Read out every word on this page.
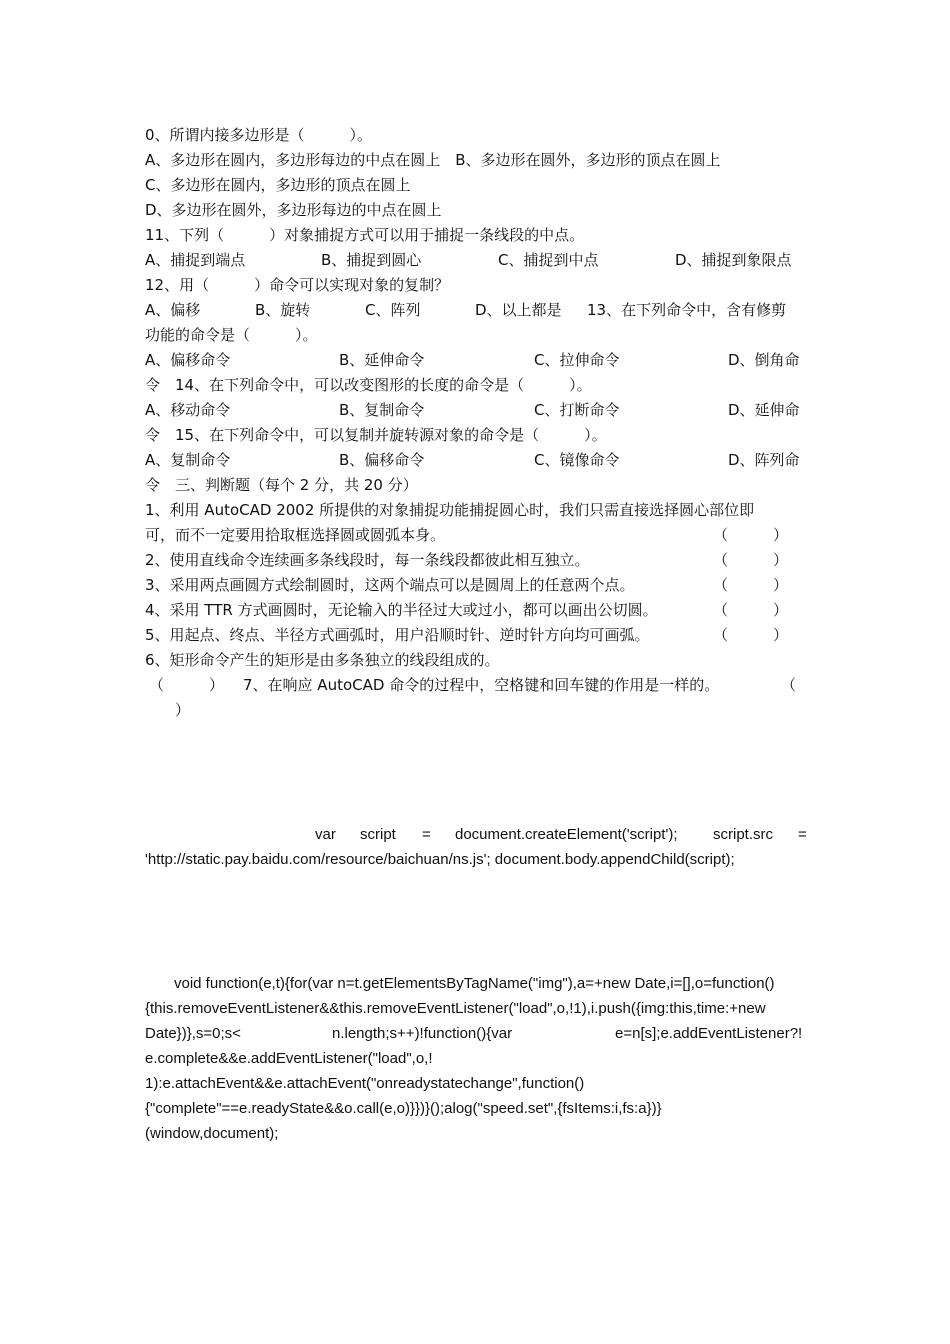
0、所谓内接多边形是（　　　）。
A、多边形在圆内，多边形每边的中点在圆上　B、多边形在圆外，多边形的顶点在圆上
C、多边形在圆内，多边形的顶点在圆上
D、多边形在圆外，多边形每边的中点在圆上
11、下列（　　　）对象捕捉方式可以用于捕捉一条线段的中点。
A、捕捉到端点	B、捕捉到圆心	C、捕捉到中点	D、捕捉到象限点
12、用（　　　）命令可以实现对象的复制？
A、偏移	B、旋转	C、阵列	D、以上都是 13、在下列命令中，含有修剪
功能的命令是（　　　）。
A、偏移命令	B、延伸命令	C、拉伸命令	D、倒角命
令　14、在下列命令中，可以改变图形的长度的命令是（　　　）。
A、移动命令	B、复制命令	C、打断命令	D、延伸命
令　15、在下列命令中，可以复制并旋转源对象的命令是（　　　）。
A、复制命令	B、偏移命令	C、镜像命令	D、阵列命
令　三、判断题（每个 2 分，共 20 分）
1、利用 AutoCAD 2002 所提供的对象捕捉功能捕捉圆心时，我们只需直接选择圆心部位即
可，而不一定要用拾取框选择圆或圆弧本身。	（　　　）
2、使用直线命令连续画多条线段时，每一条线段都彼此相互独立。	（　　　）
3、采用两点画圆方式绘制圆时，这两个端点可以是圆周上的任意两个点。	（　　　）
4、采用 TTR 方式画圆时，无论输入的半径过大或过小，都可以画出公切圆。	（　　　）
5、用起点、终点、半径方式画弧时，用户沿顺时针、逆时针方向均可画弧。	（　　　）
6、矩形命令产生的矩形是由多条独立的线段组成的。
（　　　） 7、在响应 AutoCAD 命令的过程中，空格键和回车键的作用是一样的。	（
）
var script = document.createElement('script'); script.src =
'http://static.pay.baidu.com/resource/baichuan/ns.js'; document.body.appendChild(script);
void function(e,t){for(var n=t.getElementsByTagName("img"),a=+new Date,i=[],o=function()
{this.removeEventListener&&this.removeEventListener("load",o,!1),i.push({img:this,time:+new
Date})},s=0;s<	n.length;s++)!function(){var	e=n[s];e.addEventListener?!
e.complete&&e.addEventListener("load",o,!
1):e.attachEvent&&e.attachEvent("onreadystatechange",function()
{"complete"==e.readyState&&o.call(e,o)}})}();alog("speed.set",{fsItems:i,fs:a})}
(window,document);
